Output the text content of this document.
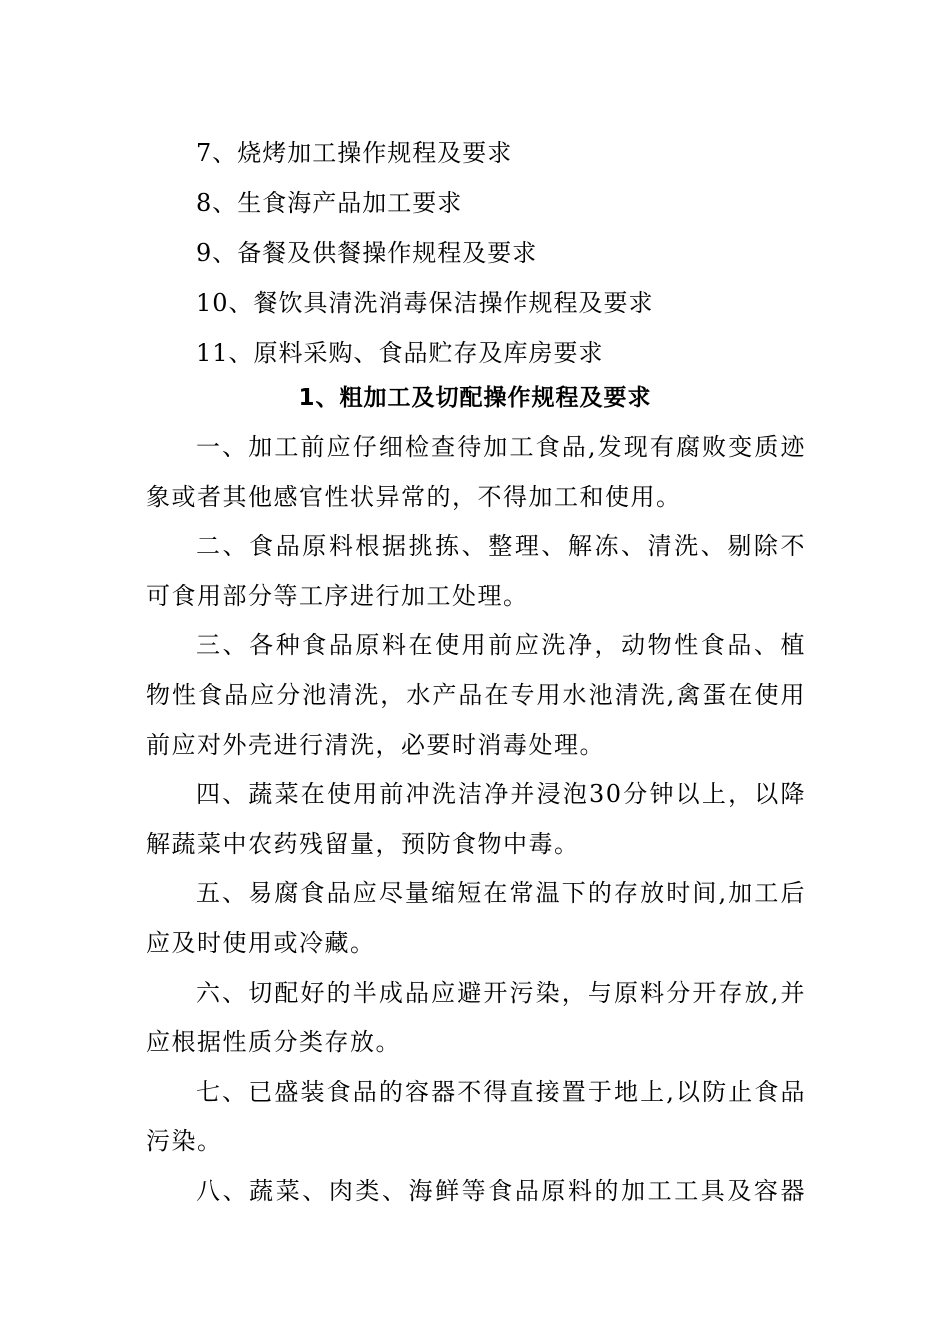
7、烧烤加工操作规程及要求
8、生食海产品加工要求
9、备餐及供餐操作规程及要求
10、餐饮具清洗消毒保洁操作规程及要求
11、原料采购、食品贮存及库房要求
1、粗加工及切配操作规程及要求

一、加工前应仔细检查待加工食品,发现有腐败变质迹
象或者其他感官性状异常的，不得加工和使用。

二、食品原料根据挑拣、整理、解冻、清洗、剔除不
可食用部分等工序进行加工处理。

三、各种食品原料在使用前应洗净，动物性食品、植
物性食品应分池清洗，水产品在专用水池清洗,禽蛋在使用
前应对外壳进行清洗，必要时消毒处理。

四、蔬菜在使用前冲洗洁净并浸泡30分钟以上，以降
解蔬菜中农药残留量，预防食物中毒。

五、易腐食品应尽量缩短在常温下的存放时间,加工后
应及时使用或冷藏。

六、切配好的半成品应避开污染，与原料分开存放,并
应根据性质分类存放。

七、已盛装食品的容器不得直接置于地上,以防止食品
污染。

八、蔬菜、肉类、海鲜等食品原料的加工工具及容器
